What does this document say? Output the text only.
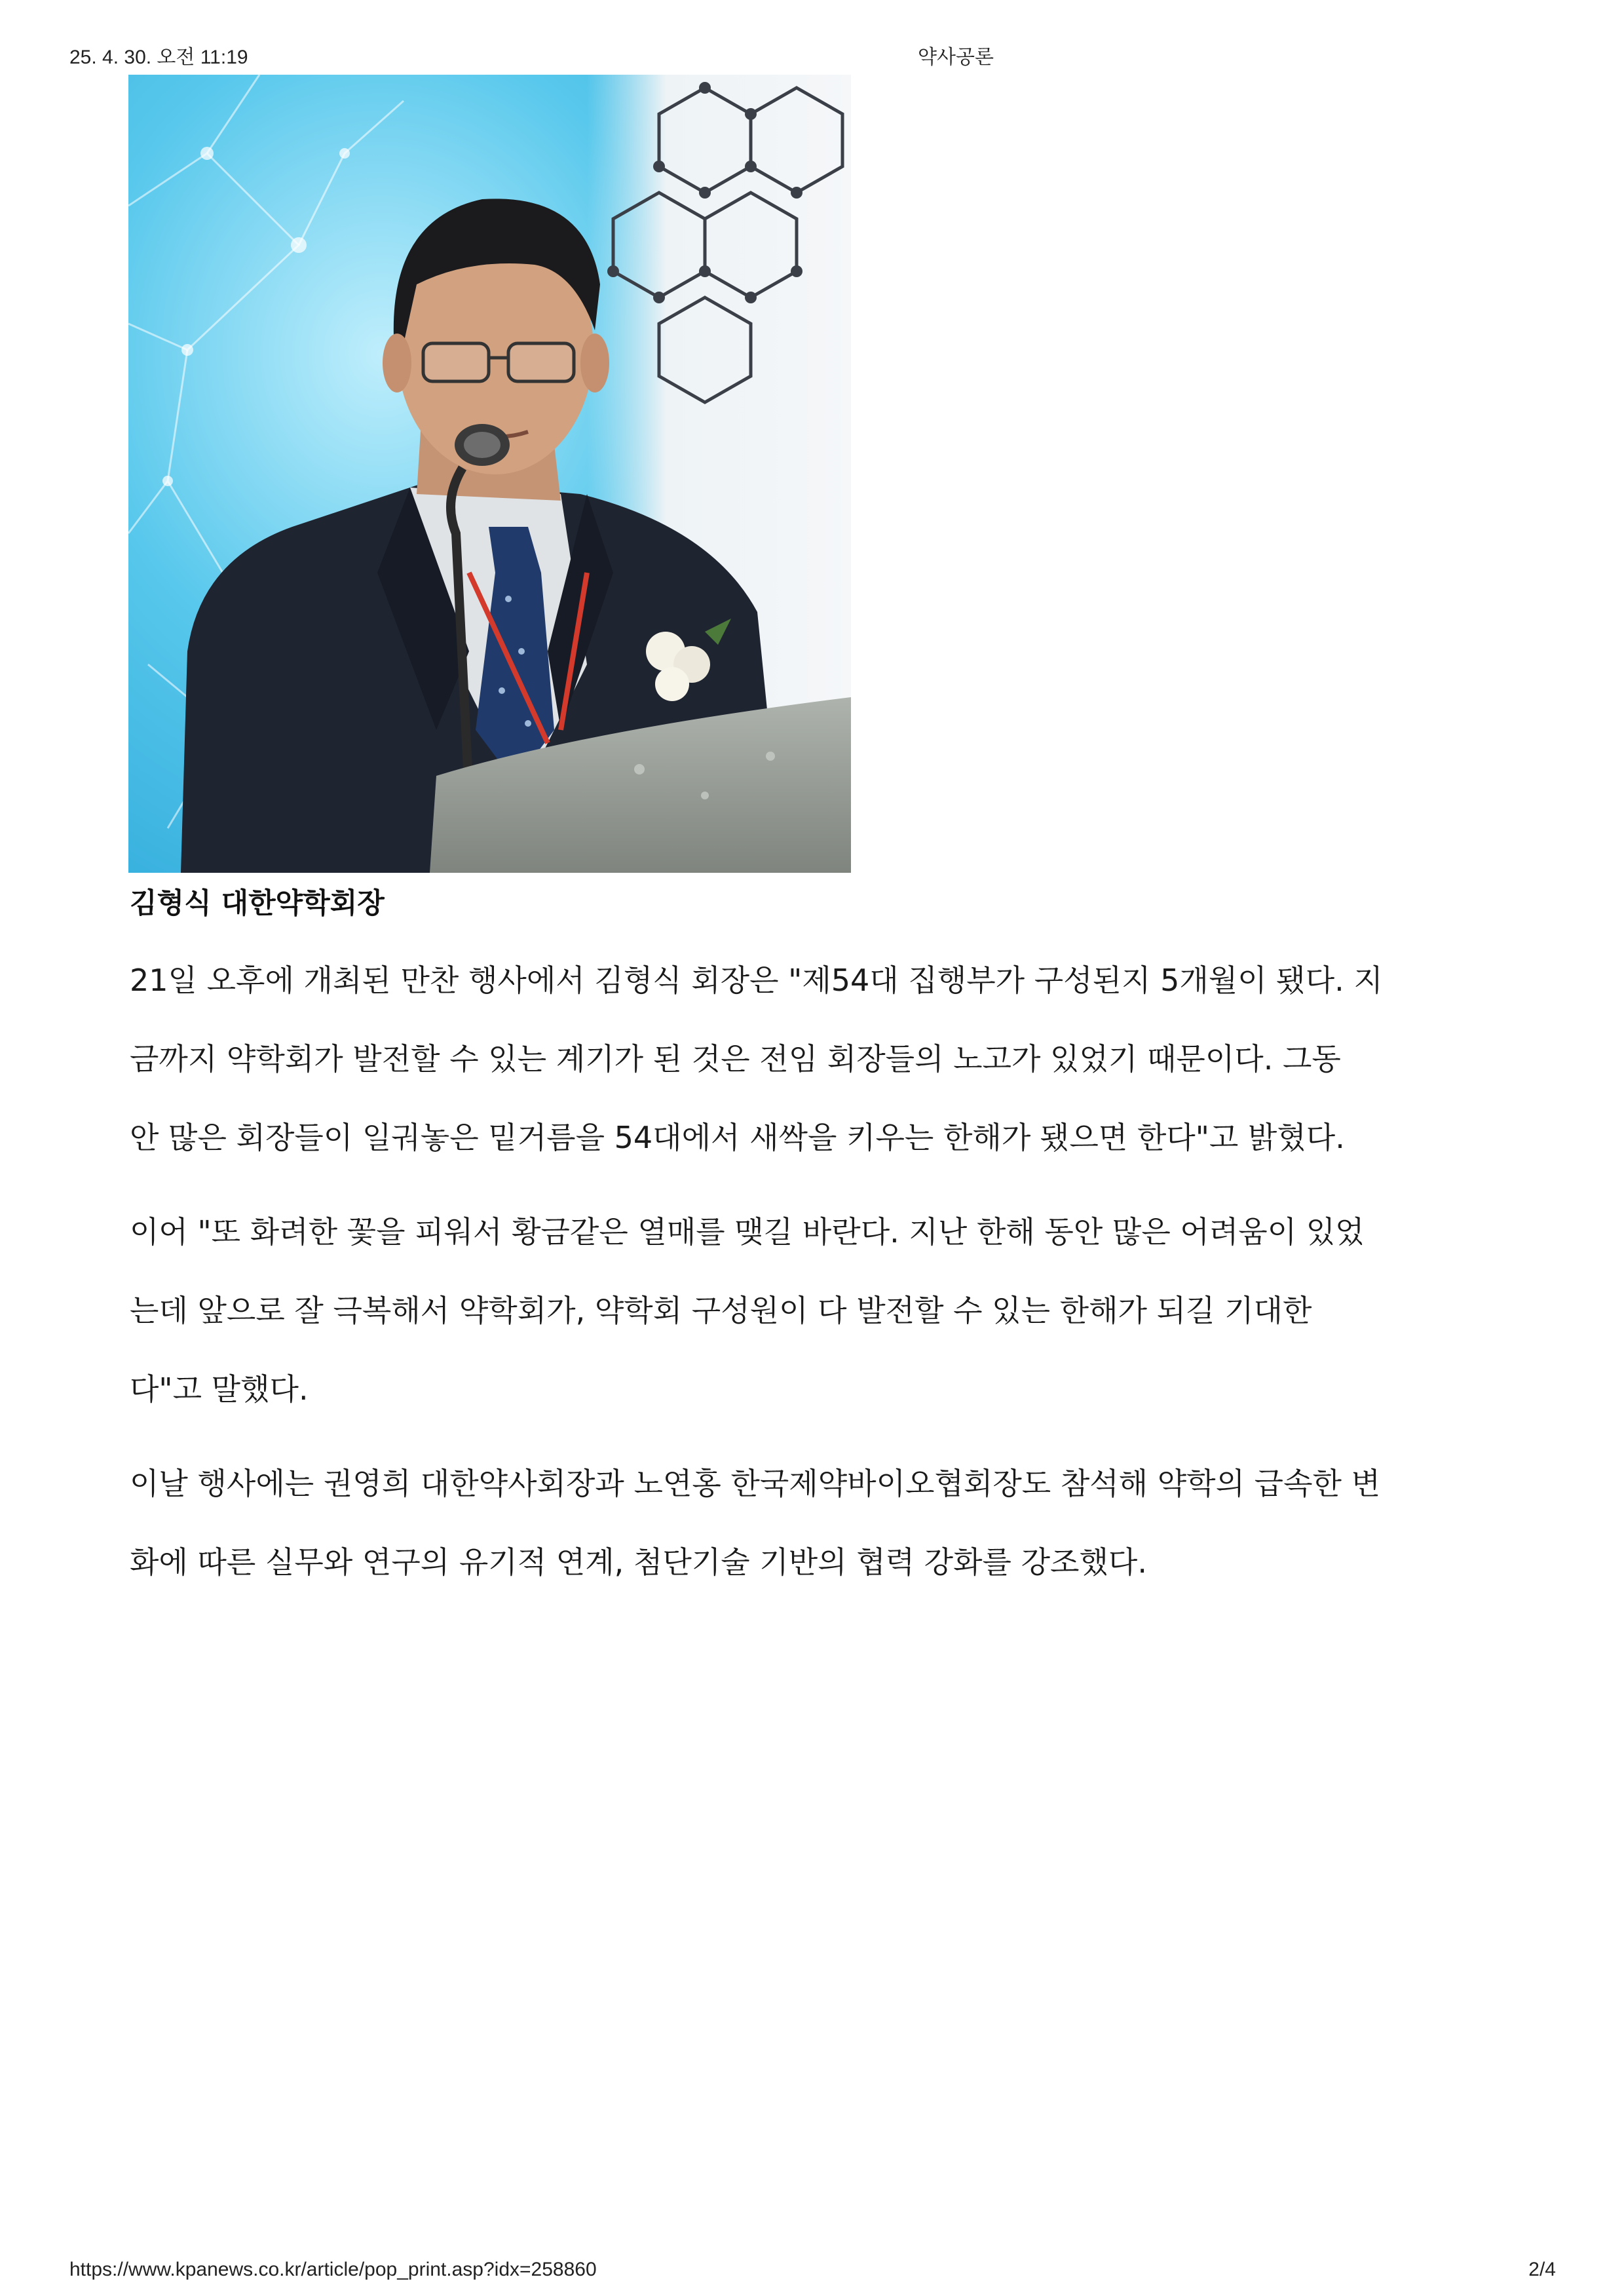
25. 4. 30. 오전 11:19	약사공론

김형식 대한약학회장

21일 오후에 개최된 만찬 행사에서 김형식 회장은 "제54대 집행부가 구성된지 5개월이 됐다. 지
금까지 약학회가 발전할 수 있는 계기가 된 것은 전임 회장들의 노고가 있었기 때문이다. 그동
안 많은 회장들이 일궈놓은 밑거름을 54대에서 새싹을 키우는 한해가 됐으면 한다"고 밝혔다.
이어 "또 화려한 꽃을 피워서 황금같은 열매를 맺길 바란다. 지난 한해 동안 많은 어려움이 있었
는데 앞으로 잘 극복해서 약학회가, 약학회 구성원이 다 발전할 수 있는 한해가 되길 기대한
다"고 말했다.
이날 행사에는 권영희 대한약사회장과 노연홍 한국제약바이오협회장도 참석해 약학의 급속한 변
화에 따른 실무와 연구의 유기적 연계, 첨단기술 기반의 협력 강화를 강조했다.
https://www.kpanews.co.kr/article/pop_print.asp?idx=258860	2/4
